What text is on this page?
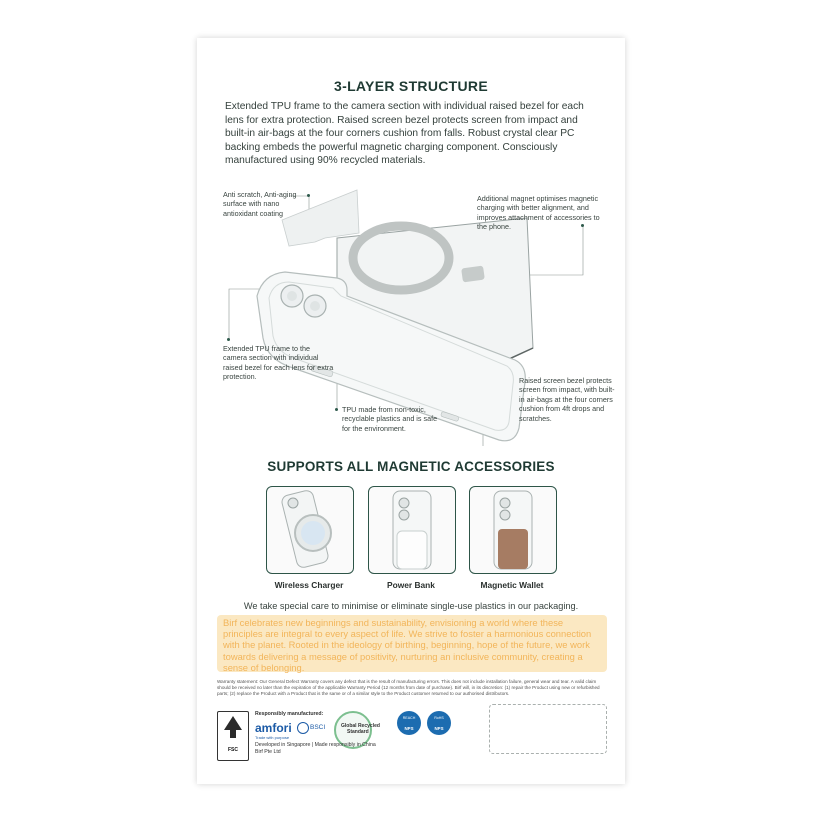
3-LAYER STRUCTURE
Extended TPU frame to the camera section with individual raised bezel for each lens for extra protection. Raised screen bezel protects screen from impact and built-in air-bags at the four corners cushion from falls. Robust crystal clear PC backing embeds the powerful magnetic charging component. Consciously manufactured using 90% recycled materials.
Anti scratch, Anti-aging surface with nano antioxidant coating
Additional magnet optimises magnetic charging with better alignment, and improves attachment of accessories to the phone.
Extended TPU frame to the camera section with individual raised bezel for each lens for extra protection.
TPU made from non-toxic, recyclable plastics and is safe for the environment.
Raised screen bezel protects screen from impact, with built-in air-bags at the four corners cushion from 4ft drops and scratches.
SUPPORTS ALL MAGNETIC ACCESSORIES
Wireless Charger	Power Bank	Magnetic Wallet
We take special care to minimise or eliminate single-use plastics in our packaging.
Birf celebrates new beginnings and sustainability, envisioning a world where these principles are integral to every aspect of life. We strive to foster a harmonious connection with the planet. Rooted in the ideology of birthing, beginning, hope of the future, we work towards delivering a message of positivity, nurturing an inclusive community, creating a sense of belonging.
Warranty statement: Our General Defect Warranty covers any defect that is the result of manufacturing errors. This does not include installation failure, general wear and tear. A valid claim should be received no later than the expiration of the applicable Warranty Period (12 months from date of purchase). Birf will, in its discretion: (1) repair the Product using new or refurbished parts; (2) replace the Product with a Product that is the same or of a similar style to the Product customer returned to our authorised distributors.
FSC
Responsibly manufactured:
amfori
Trade with purpose
BSCI	Global Recycled
Standard
REACH
NPS
RoHS
NPS
Developed in Singapore | Made responsibly in China
Birf Pte Ltd
